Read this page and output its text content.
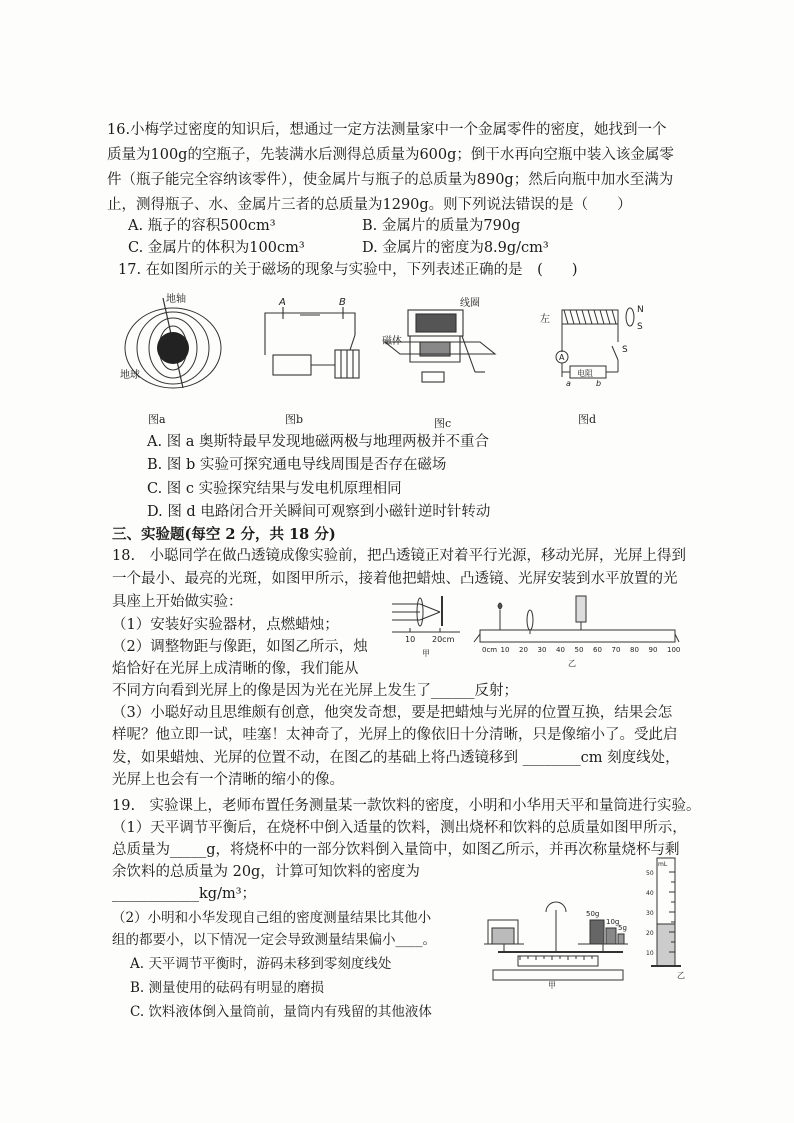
16.小梅学过密度的知识后，想通过一定方法测量家中一个金属零件的密度，她找到一个
质量为100g的空瓶子，先装满水后测得总质量为600g；倒干水再向空瓶中装入该金属零
件（瓶子能完全容纳该零件），使金属片与瓶子的总质量为890g；然后向瓶中加水至满为
止，测得瓶子、水、金属片三者的总质量为1290g。则下列说法错误的是（　　）
A. 瓶子的容积500cm³	B. 金属片的质量为790g
C. 金属片的体积为100cm³	D. 金属片的密度为8.9g/cm³
17. 在如图所示的关于磁场的现象与实验中，下列表述正确的是　(　　)
地轴
地球
图a
A	B
图b
线圈
磁体
图c
左
N
S
S
A
电阻
a	b
图d
A. 图 a 奥斯特最早发现地磁两极与地理两极并不重合
B. 图 b 实验可探究通电导线周围是否存在磁场
C. 图 c 实验探究结果与发电机原理相同
D. 图 d 电路闭合开关瞬间可观察到小磁针逆时针转动
三、实验题(每空 2 分，共 18 分)
18.　小聪同学在做凸透镜成像实验前，把凸透镜正对着平行光源，移动光屏，光屏上得到
一个最小、最亮的光斑，如图甲所示，接着他把蜡烛、凸透镜、光屏安装到水平放置的光
具座上开始做实验：
（1）安装好实验器材，点燃蜡烛；
（2）调整物距与像距，如图乙所示，烛
焰恰好在光屏上成清晰的像，我们能从
不同方向看到光屏上的像是因为光在光屏上发生了______反射；
10 20cm
甲	0cm 10 20 30 40 50 60 70 80 90 100
乙
（3）小聪好动且思维颇有创意，他突发奇想，要是把蜡烛与光屏的位置互换，结果会怎
样呢？他立即一试，哇塞！太神奇了，光屏上的像依旧十分清晰，只是像缩小了。受此启
发，如果蜡烛、光屏的位置不动，在图乙的基础上将凸透镜移到 ________cm 刻度线处，
光屏上也会有一个清晰的缩小的像。
19.　实验课上，老师布置任务测量某一款饮料的密度，小明和小华用天平和量筒进行实验。
（1）天平调节平衡后，在烧杯中倒入适量的饮料，测出烧杯和饮料的总质量如图甲所示，
总质量为_____g，将烧杯中的一部分饮料倒入量筒中，如图乙所示，并再次称量烧杯与剩
余饮料的总质量为 20g，计算可知饮料的密度为
____________kg/m³；
（2）小明和小华发现自己组的密度测量结果比其他小
组的都要小，以下情况一定会导致测量结果偏小____。
A. 天平调节平衡时，游码未移到零刻度线处
B. 测量使用的砝码有明显的磨损
C. 饮料液体倒入量筒前，量筒内有残留的其他液体
50g
10g
5g
甲
mL
50
40
30
20
10
乙
